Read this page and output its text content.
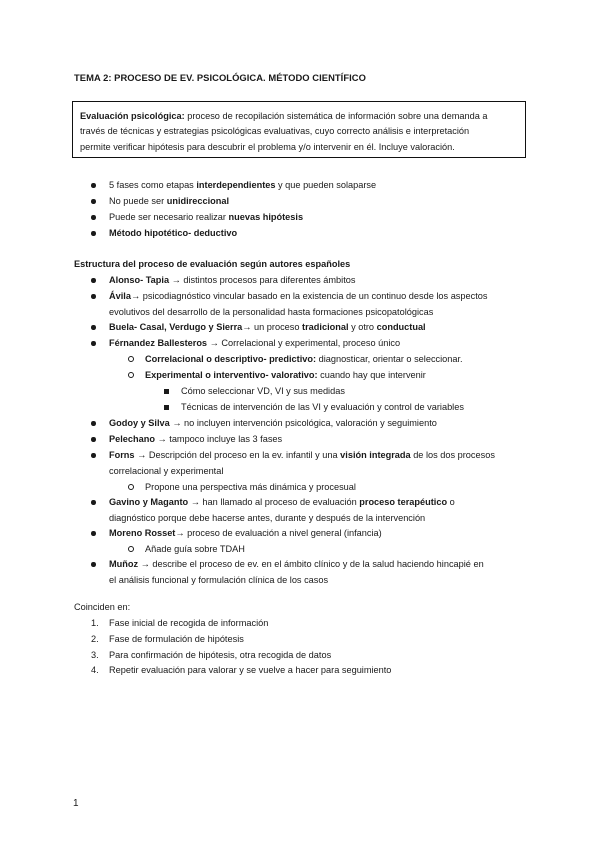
TEMA 2: PROCESO DE EV. PSICOLÓGICA. MÉTODO CIENTÍFICO
Evaluación psicológica: proceso de recopilación sistemática de información sobre una demanda a
través de técnicas y estrategias psicológicas evaluativas, cuyo correcto análisis e interpretación
permite verificar hipótesis para descubrir el problema y/o intervenir en él. Incluye valoración.
5 fases como etapas interdependientes y que pueden solaparse
No puede ser unidireccional
Puede ser necesario realizar nuevas hipótesis
Método hipotético- deductivo
Estructura del proceso de evaluación según autores españoles
Alonso- Tapia → distintos procesos para diferentes ámbitos
Ávila→ psicodiagnóstico vincular basado en la existencia de un continuo desde los aspectos
evolutivos del desarrollo de la personalidad hasta formaciones psicopatológicas
Buela- Casal, Verdugo y Sierra→ un proceso tradicional y otro conductual
Férnandez Ballesteros → Correlacional y experimental, proceso único
Correlacional o descriptivo- predictivo: diagnosticar, orientar o seleccionar.
Experimental o interventivo- valorativo: cuando hay que intervenir
Cómo seleccionar VD, VI y sus medidas
Técnicas de intervención de las VI y evaluación y control de variables
Godoy y Silva → no incluyen intervención psicológica, valoración y seguimiento
Pelechano → tampoco incluye las 3 fases
Forns → Descripción del proceso en la ev. infantil y una visión integrada de los dos procesos
correlacional y experimental
Propone una perspectiva más dinámica y procesual
Gavino y Maganto → han llamado al proceso de evaluación proceso terapéutico o
diagnóstico porque debe hacerse antes, durante y después de la intervención
Moreno Rosset→ proceso de evaluación a nivel general (infancia)
Añade guía sobre TDAH
Muñoz → describe el proceso de ev. en el ámbito clínico y de la salud haciendo hincapié en
el análisis funcional y formulación clínica de los casos
Coinciden en:
1. Fase inicial de recogida de información
2. Fase de formulación de hipótesis
3. Para confirmación de hipótesis, otra recogida de datos
4. Repetir evaluación para valorar y se vuelve a hacer para seguimiento
1
